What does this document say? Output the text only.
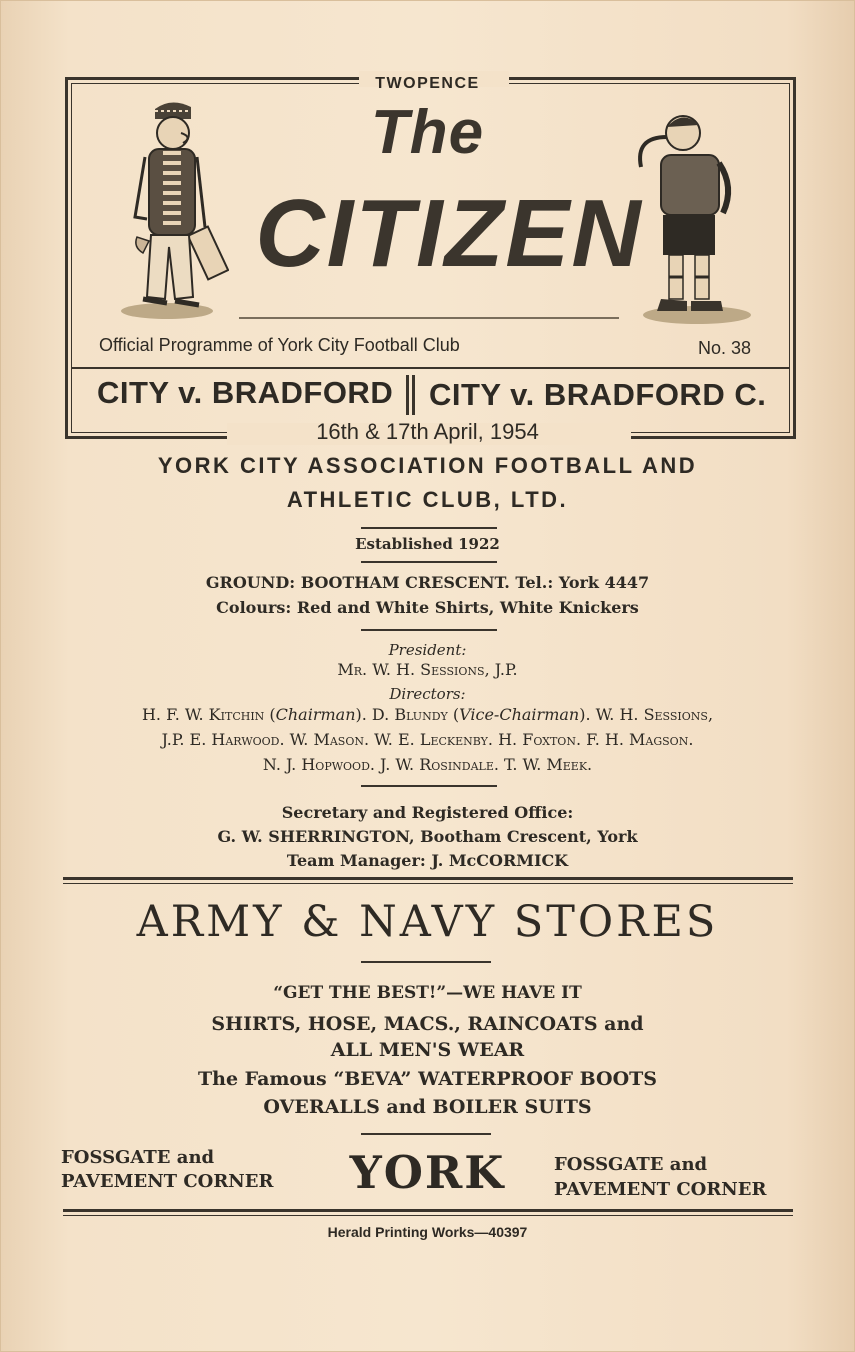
TWOPENCE
The
CITIZEN
Official Programme of York City Football Club	No. 38
CITY v. BRADFORD CITY v. BRADFORD C.
16th & 17th April, 1954
YORK CITY ASSOCIATION FOOTBALL AND
ATHLETIC CLUB, LTD.
Established 1922
GROUND: BOOTHAM CRESCENT. Tel.: York 4447
Colours: Red and White Shirts, White Knickers
President:
Mr. W. H. Sessions, J.P.
Directors:
H. F. W. Kitchin (Chairman). D. Blundy (Vice-Chairman). W. H. Sessions,
J.P. E. Harwood. W. Mason. W. E. Leckenby. H. Foxton. F. H. Magson.
N. J. Hopwood. J. W. Rosindale. T. W. Meek.
Secretary and Registered Office:
G. W. SHERRINGTON, Bootham Crescent, York
Team Manager: J. McCORMICK
ARMY & NAVY STORES
“GET THE BEST!”—WE HAVE IT
SHIRTS, HOSE, MACS., RAINCOATS and
ALL MEN'S WEAR
The Famous “BEVA” WATERPROOF BOOTS
OVERALLS and BOILER SUITS
FOSSGATE and
PAVEMENT CORNER	YORK	FOSSGATE and
PAVEMENT CORNER
Herald Printing Works—40397
